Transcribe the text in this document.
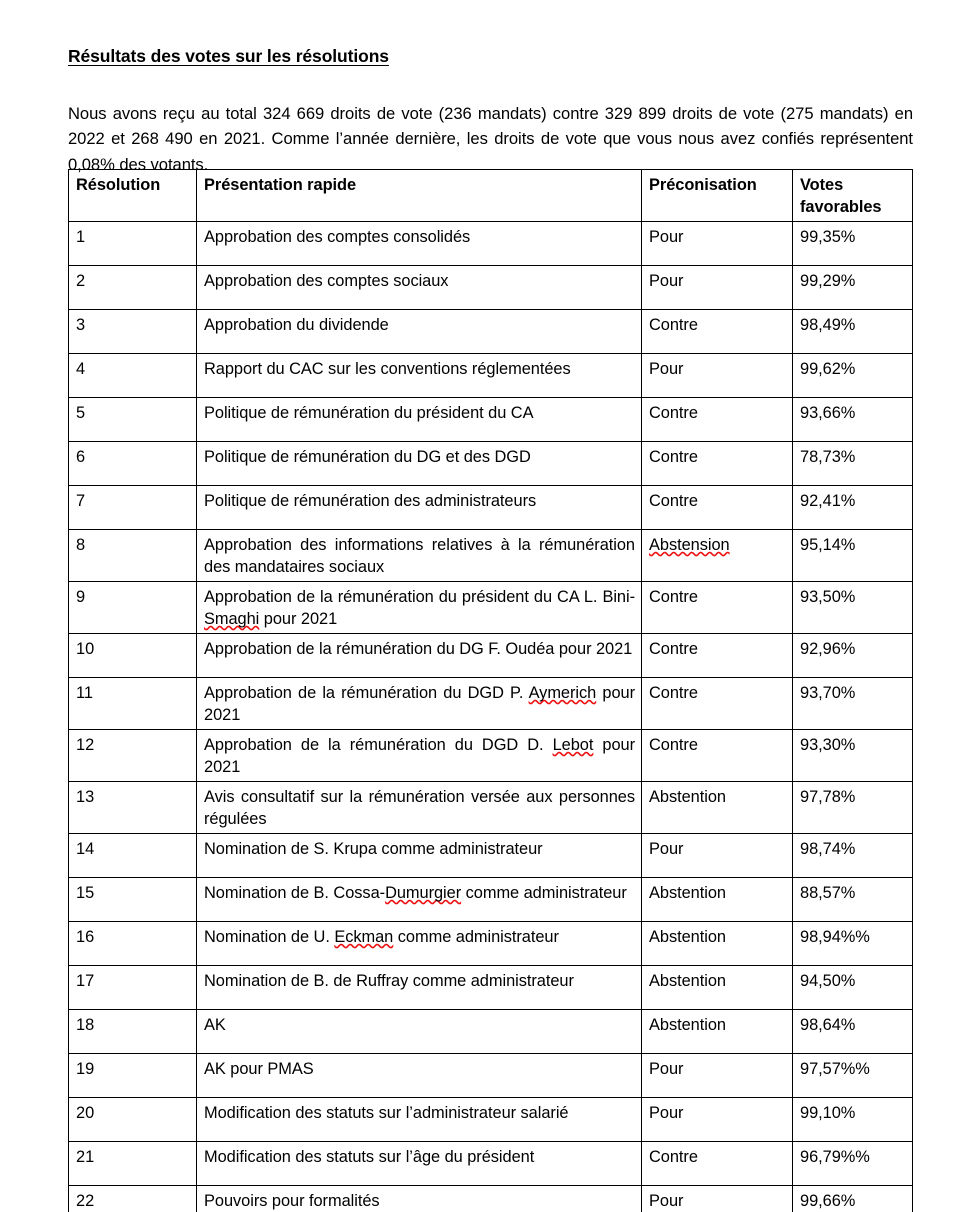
Résultats des votes sur les résolutions

Nous avons reçu au total 324 669 droits de vote (236 mandats) contre 329 899 droits de vote (275 mandats) en 2022 et 268 490 en 2021. Comme l’année dernière, les droits de vote que vous nous avez confiés représentent 0,08% des votants.

Résolution	Présentation rapide	Préconisation	Votes favorables
1	Approbation des comptes consolidés	Pour	99,35%
2	Approbation des comptes sociaux	Pour	99,29%
3	Approbation du dividende	Contre	98,49%
4	Rapport du CAC sur les conventions réglementées	Pour	99,62%
5	Politique de rémunération du président du CA	Contre	93,66%
6	Politique de rémunération du DG et des DGD	Contre	78,73%
7	Politique de rémunération des administrateurs	Contre	92,41%
8	Approbation des informations relatives à la rémunération des mandataires sociaux	Abstension	95,14%
9	Approbation de la rémunération du président du CA L. Bini-Smaghi pour 2021	Contre	93,50%
10	Approbation de la rémunération du DG F. Oudéa pour 2021	Contre	92,96%
11	Approbation de la rémunération du DGD P. Aymerich pour 2021	Contre	93,70%
12	Approbation de la rémunération du DGD D. Lebot pour 2021	Contre	93,30%
13	Avis consultatif sur la rémunération versée aux personnes régulées	Abstention	97,78%
14	Nomination de S. Krupa comme administrateur	Pour	98,74%
15	Nomination de B. Cossa-Dumurgier comme administrateur	Abstention	88,57%
16	Nomination de U. Eckman comme administrateur	Abstention	98,94%%
17	Nomination de B. de Ruffray comme administrateur	Abstention	94,50%
18	AK	Abstention	98,64%
19	AK pour PMAS	Pour	97,57%%
20	Modification des statuts sur l’administrateur salarié	Pour	99,10%
21	Modification des statuts sur l’âge du président	Contre	96,79%%
22	Pouvoirs pour formalités	Pour	99,66%
